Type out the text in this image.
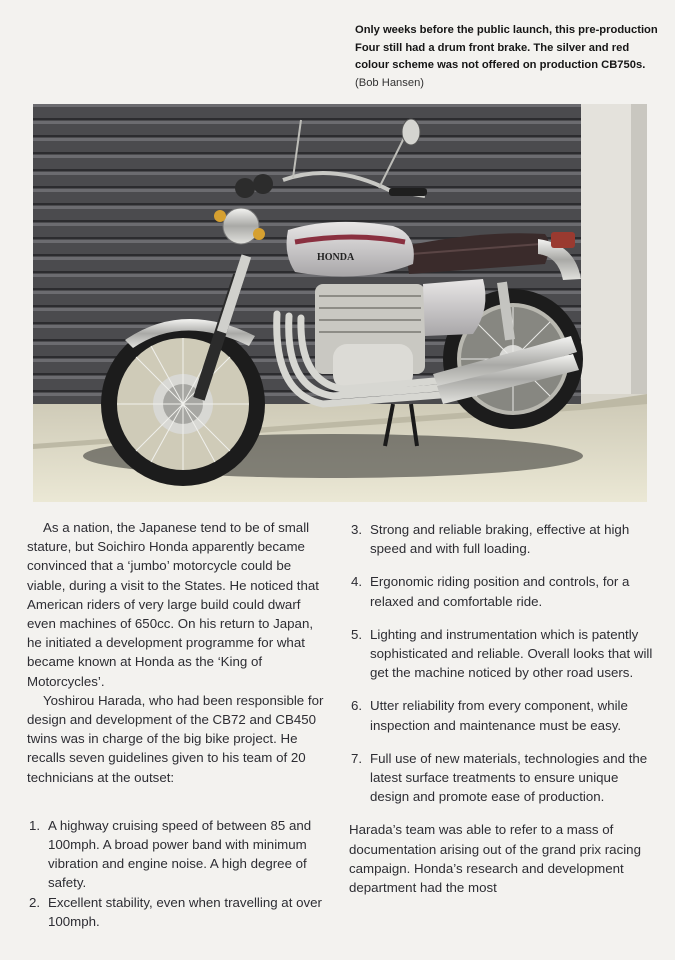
Only weeks before the public launch, this pre-production Four still had a drum front brake. The silver and red colour scheme was not offered on production CB750s. (Bob Hansen)
HONDA

As a nation, the Japanese tend to be of small stature, but Soichiro Honda apparently became convinced that a ‘jumbo’ motorcycle could be viable, during a visit to the States. He noticed that American riders of very large build could dwarf even machines of 650cc. On his return to Japan, he initiated a development programme for what became known at Honda as the ‘King of Motorcycles’.

Yoshirou Harada, who had been responsible for design and development of the CB72 and CB450 twins was in charge of the big bike project. He recalls seven guidelines given to his team of 20 technicians at the outset:

1. A highway cruising speed of between 85 and 100mph. A broad power band with minimum vibration and engine noise. A high degree of safety.
2. Excellent stability, even when travelling at over 100mph.
3. Strong and reliable braking, effective at high speed and with full loading.
4. Ergonomic riding position and controls, for a relaxed and comfortable ride.
5. Lighting and instrumentation which is patently sophisticated and reliable. Overall looks that will get the machine noticed by other road users.
6. Utter reliability from every component, while inspection and maintenance must be easy.
7. Full use of new materials, technologies and the latest surface treatments to ensure unique design and promote ease of production.

Harada’s team was able to refer to a mass of documentation arising out of the grand prix racing campaign. Honda’s research and development department had the most
